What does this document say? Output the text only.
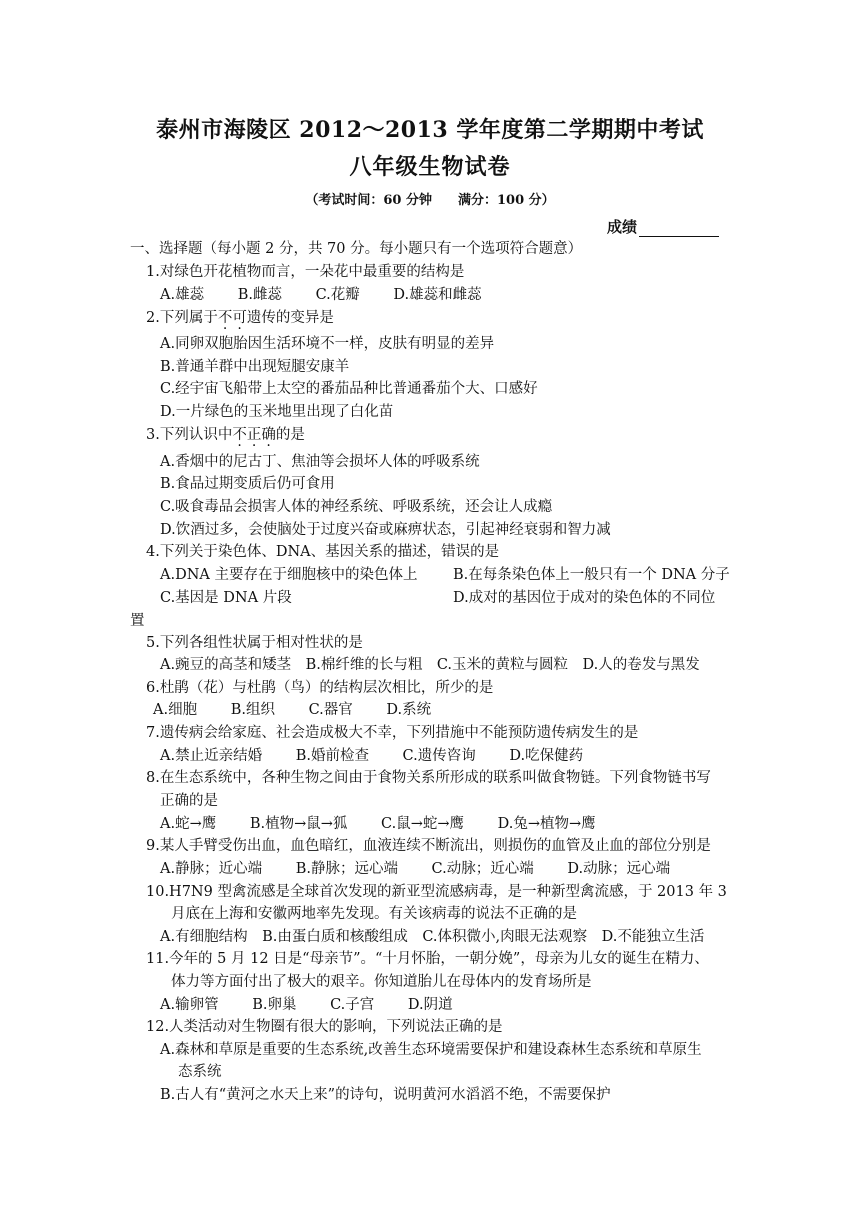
泰州市海陵区 2012～2013 学年度第二学期期中考试
八年级生物试卷
（考试时间：60 分钟　　满分：100 分）
成绩
一、选择题（每小题 2 分，共 70 分。每小题只有一个选项符合题意）
1.对绿色开花植物而言，一朵花中最重要的结构是
A.雄蕊　　 B.雌蕊　　 C.花瓣　　 D.雄蕊和雌蕊
2.下列属于不可遗传的变异是
A.同卵双胞胎因生活环境不一样，皮肤有明显的差异
B.普通羊群中出现短腿安康羊
C.经宇宙飞船带上太空的番茄品种比普通番茄个大、口感好
D.一片绿色的玉米地里出现了白化苗
3.下列认识中不正确的是
A.香烟中的尼古丁、焦油等会损坏人体的呼吸系统
B.食品过期变质后仍可食用
C.吸食毒品会损害人体的神经系统、呼吸系统，还会让人成瘾
D.饮酒过多，会使脑处于过度兴奋或麻痹状态，引起神经衰弱和智力减
4.下列关于染色体、DNA、基因关系的描述，错误的是
A.DNA 主要存在于细胞核中的染色体上 B.在每条染色体上一般只有一个 DNA 分子
C.基因是 DNA 片段	D.成对的基因位于成对的染色体的不同位
置
5.下列各组性状属于相对性状的是
A.豌豆的高茎和矮茎　B.棉纤维的长与粗　C.玉米的黄粒与圆粒　D.人的卷发与黑发
6.杜鹃（花）与杜鹃（鸟）的结构层次相比，所少的是
A.细胞　　 B.组织　　 C.器官　　 D.系统
7.遗传病会给家庭、社会造成极大不幸，下列措施中不能预防遗传病发生的是
A.禁止近亲结婚　　 B.婚前检查　　 C.遗传咨询　　 D.吃保健药
8.在生态系统中，各种生物之间由于食物关系所形成的联系叫做食物链。下列食物链书写
正确的是
A.蛇→鹰　　 B.植物→鼠→狐　　 C.鼠→蛇→鹰　　 D.兔→植物→鹰
9.某人手臂受伤出血，血色暗红，血液连续不断流出，则损伤的血管及止血的部位分别是
A.静脉；近心端　　 B.静脉；远心端　　 C.动脉；近心端　　 D.动脉；远心端
10.H7N9 型禽流感是全球首次发现的新亚型流感病毒，是一种新型禽流感，于 2013 年 3
月底在上海和安徽两地率先发现。有关该病毒的说法不正确的是
A.有细胞结构　B.由蛋白质和核酸组成　C.体积微小,肉眼无法观察　D.不能独立生活
11.今年的 5 月 12 日是“母亲节”。“十月怀胎，一朝分娩”，母亲为儿女的诞生在精力、
体力等方面付出了极大的艰辛。你知道胎儿在母体内的发育场所是
A.输卵管　　 B.卵巢　　 C.子宫　　 D.阴道
12.人类活动对生物圈有很大的影响，下列说法正确的是
A.森林和草原是重要的生态系统,改善生态环境需要保护和建设森林生态系统和草原生
态系统
B.古人有“黄河之水天上来”的诗句，说明黄河水滔滔不绝，不需要保护
